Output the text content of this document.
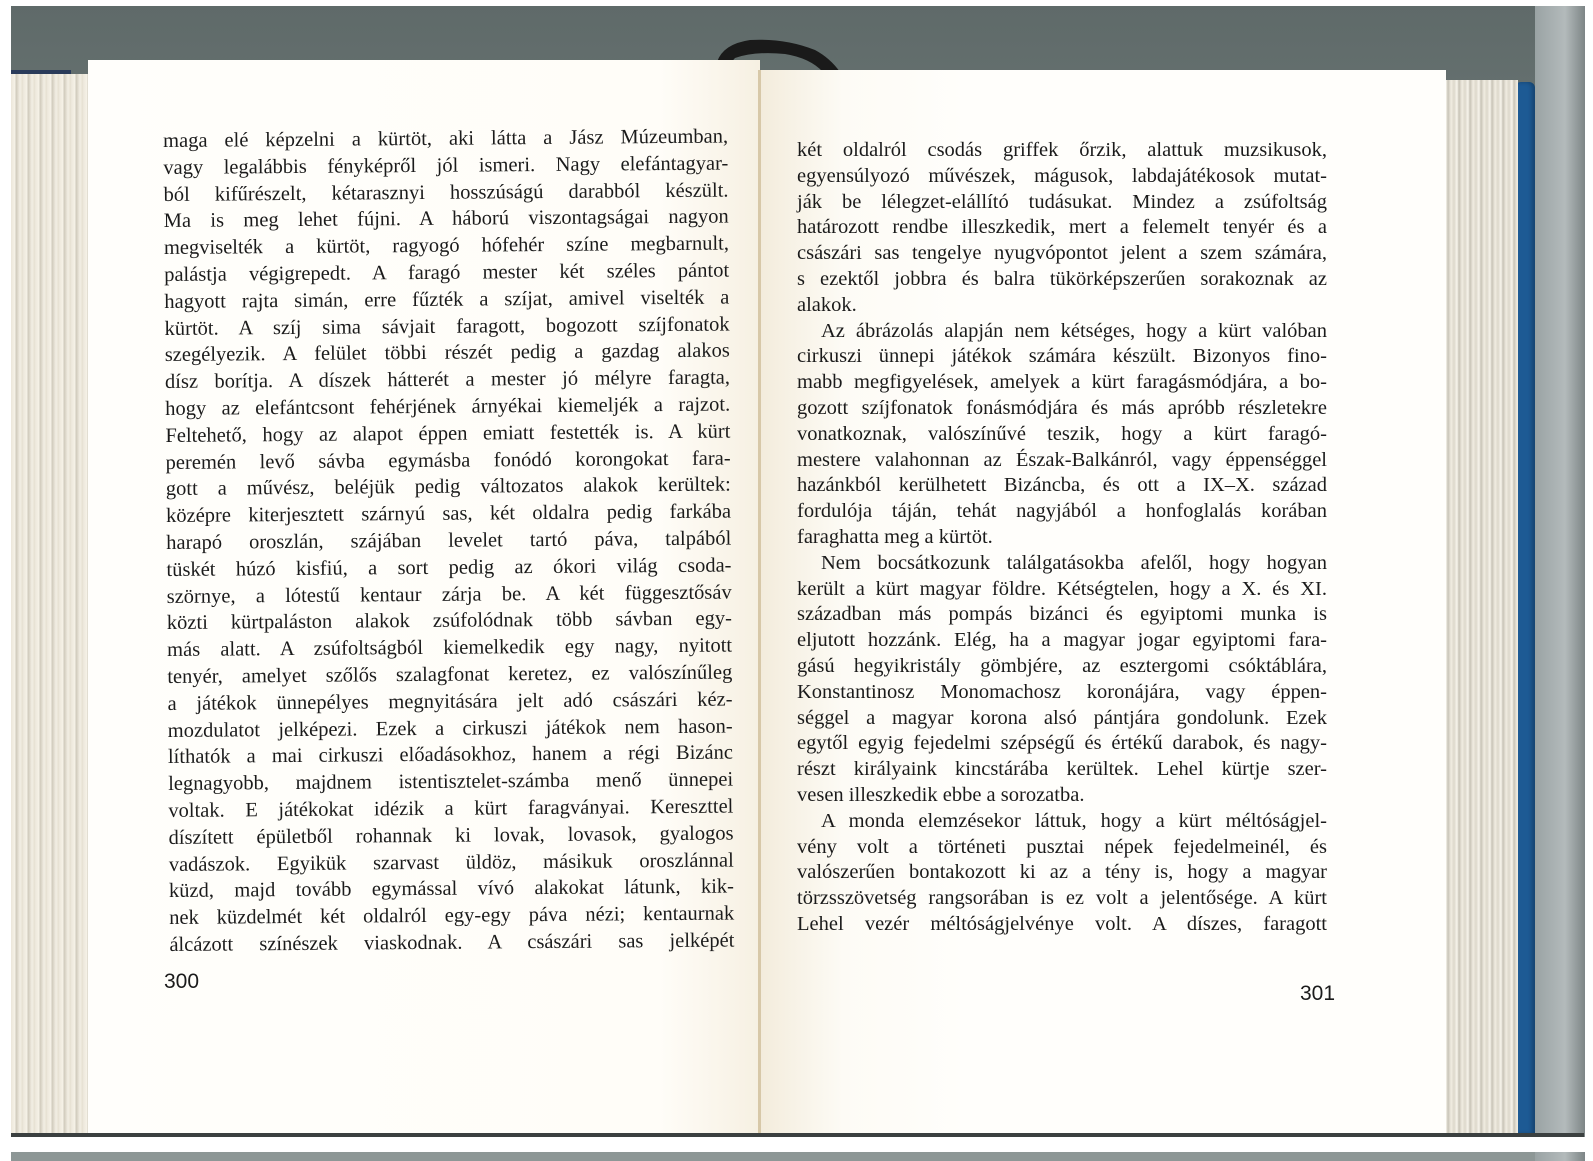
maga elé képzelni a kürtöt, aki látta a Jász Múzeumban,
vagy legalábbis fényképről jól ismeri. Nagy elefántagyar-
ból kifűrészelt, kétarasznyi hosszúságú darabból készült.
Ma is meg lehet fújni. A háború viszontagságai nagyon
megviselték a kürtöt, ragyogó hófehér színe megbarnult,
palástja végigrepedt. A faragó mester két széles pántot
hagyott rajta simán, erre fűzték a szíjat, amivel viselték a
kürtöt. A szíj sima sávjait faragott, bogozott szíjfonatok
szegélyezik. A felület többi részét pedig a gazdag alakos
dísz borítja. A díszek hátterét a mester jó mélyre faragta,
hogy az elefántcsont fehérjének árnyékai kiemeljék a rajzot.
Feltehető, hogy az alapot éppen emiatt festették is. A kürt
peremén levő sávba egymásba fonódó korongokat fara-
gott a művész, beléjük pedig változatos alakok kerültek:
középre kiterjesztett szárnyú sas, két oldalra pedig farkába
harapó oroszlán, szájában levelet tartó páva, talpából
tüskét húzó kisfiú, a sort pedig az ókori világ csoda-
szörnye, a lótestű kentaur zárja be. A két függesztősáv
közti kürtpaláston alakok zsúfolódnak több sávban egy-
más alatt. A zsúfoltságból kiemelkedik egy nagy, nyitott
tenyér, amelyet szőlős szalagfonat keretez, ez valószínűleg
a játékok ünnepélyes megnyitására jelt adó császári kéz-
mozdulatot jelképezi. Ezek a cirkuszi játékok nem hason-
líthatók a mai cirkuszi előadásokhoz, hanem a régi Bizánc
legnagyobb, majdnem istentisztelet-számba menő ünnepei
voltak. E játékokat idézik a kürt faragványai. Kereszttel
díszített épületből rohannak ki lovak, lovasok, gyalogos
vadászok. Egyikük szarvast üldöz, másikuk oroszlánnal
küzd, majd tovább egymással vívó alakokat látunk, kik-
nek küzdelmét két oldalról egy-egy páva nézi; kentaurnak
álcázott színészek viaskodnak. A császári sas jelképét
két oldalról csodás griffek őrzik, alattuk muzsikusok,
egyensúlyozó művészek, mágusok, labdajátékosok mutat-
ják be lélegzet-elállító tudásukat. Mindez a zsúfoltság
határozott rendbe illeszkedik, mert a felemelt tenyér és a
császári sas tengelye nyugvópontot jelent a szem számára,
s ezektől jobbra és balra tükörképszerűen sorakoznak az
alakok.
Az ábrázolás alapján nem kétséges, hogy a kürt valóban
cirkuszi ünnepi játékok számára készült. Bizonyos fino-
mabb megfigyelések, amelyek a kürt faragásmódjára, a bo-
gozott szíjfonatok fonásmódjára és más apróbb részletekre
vonatkoznak, valószínűvé teszik, hogy a kürt faragó-
mestere valahonnan az Észak-Balkánról, vagy éppenséggel
hazánkból kerülhetett Bizáncba, és ott a IX–X. század
fordulója táján, tehát nagyjából a honfoglalás korában
faraghatta meg a kürtöt.
Nem bocsátkozunk találgatásokba afelől, hogy hogyan
került a kürt magyar földre. Kétségtelen, hogy a X. és XI.
században más pompás bizánci és egyiptomi munka is
eljutott hozzánk. Elég, ha a magyar jogar egyiptomi fara-
gású hegyikristály gömbjére, az esztergomi csóktáblára,
Konstantinosz Monomachosz koronájára, vagy éppen-
séggel a magyar korona alsó pántjára gondolunk. Ezek
egytől egyig fejedelmi szépségű és értékű darabok, és nagy-
részt királyaink kincstárába kerültek. Lehel kürtje szer-
vesen illeszkedik ebbe a sorozatba.
A monda elemzésekor láttuk, hogy a kürt méltóságjel-
vény volt a történeti pusztai népek fejedelmeinél, és
valószerűen bontakozott ki az a tény is, hogy a magyar
törzsszövetség rangsorában is ez volt a jelentősége. A kürt
Lehel vezér méltóságjelvénye volt. A díszes, faragott
300
301
